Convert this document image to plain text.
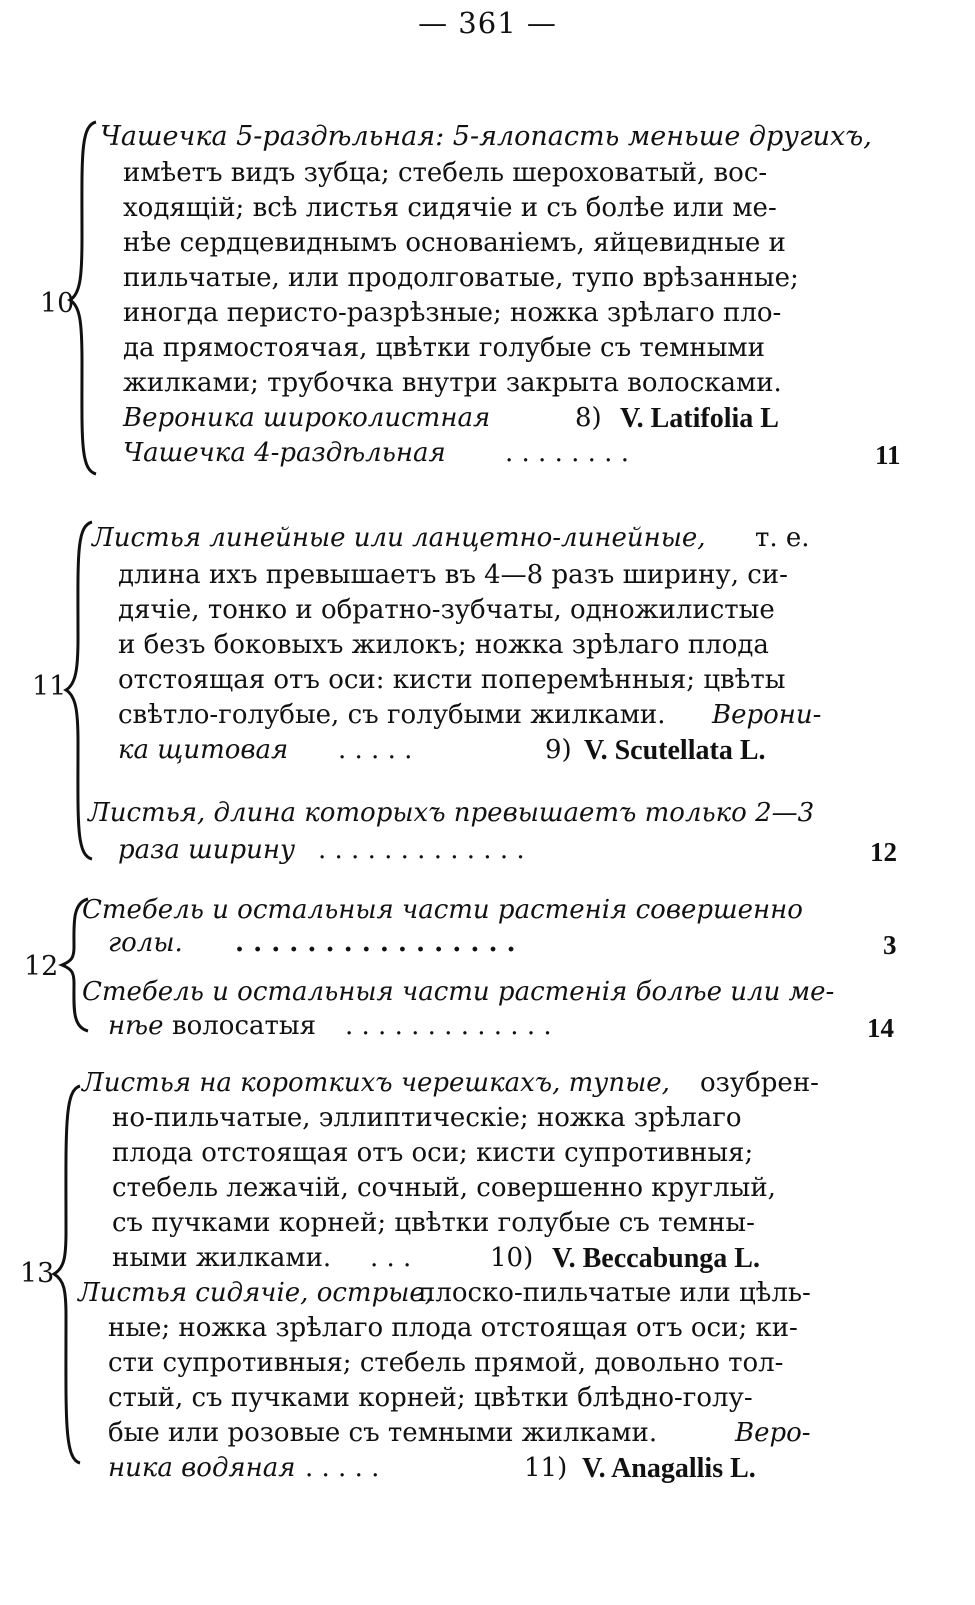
— 361 —
10
Чашечка 5-раздѣльная: 5-ялопасть меньше другихъ,
имѣетъ видъ зубца; стебель шероховатый, вос-
ходящій; всѣ листья сидячіе и съ болѣе или ме-
нѣе сердцевиднымъ основаніемъ, яйцевидные и
пильчатые, или продолговатые, тупо врѣзанные;
иногда перисто-разрѣзные; ножка зрѣлаго пло-
да прямостоячая, цвѣтки голубые съ темными
жилками; трубочка внутри закрыта волосками.
Вероника широколистная	8) V. Latifolia L
Чашечка 4-раздѣльная . . . . . . . .	11
11
Листья линейные или ланцетно-линейные, т. е.
длина ихъ превышаетъ въ 4—8 разъ ширину, си-
дячіе, тонко и обратно-зубчаты, одножилистые
и безъ боковыхъ жилокъ; ножка зрѣлаго плода
отстоящая отъ оси: кисти поперемѣнныя; цвѣты
свѣтло-голубые, съ голубыми жилками. Верони-
ка щитовая . . . . .	9) V. Scutellata L.
Листья, длина которыхъ превышаетъ только 2—3
раза ширину . . . . . . . . . . . . .	12
12
Стебель и остальныя части растенія совершенно
голы. . . . . . . . . . . . . . . . .	3
Стебель и остальныя части растенія болѣе или ме-
нѣе волосатыя . . . . . . . . . . . . .	14
13
Листья на короткихъ черешкахъ, тупые, озубрен-
но-пильчатые, эллиптическіе; ножка зрѣлаго
плода отстоящая отъ оси; кисти супротивныя;
стебель лежачій, сочный, совершенно круглый,
съ пучками корней; цвѣтки голубые съ темны-
ными жилками. . . .	10) V. Beccabunga L.
Листья сидячіе, острые,
плоско-пильчатые или цѣль-
ные; ножка зрѣлаго плода отстоящая отъ оси; ки-
сти супротивныя; стебель прямой, довольно тол-
стый, съ пучками корней; цвѣтки блѣдно-голу-
бые или розовые съ темными жилками.	Веро-
ника водяная . . . . .	11) V. Anagallis L.
